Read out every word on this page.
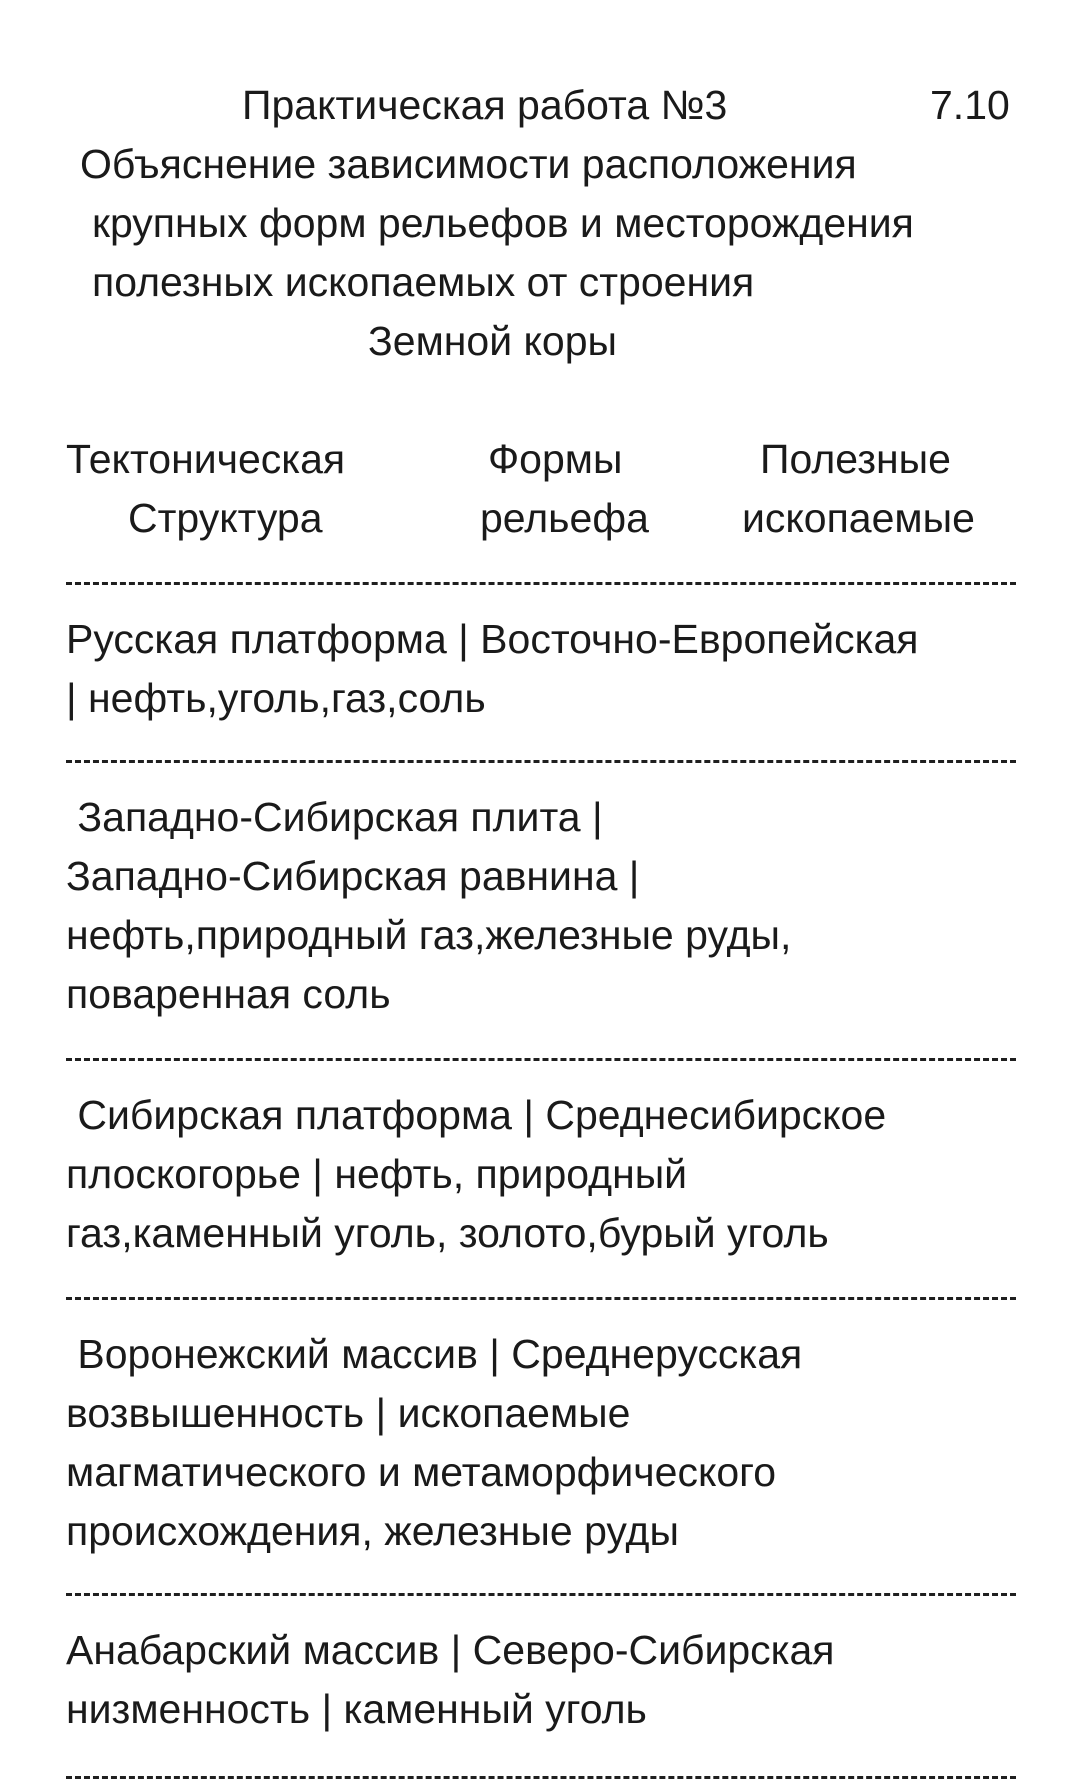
Практическая работа №3	7.10
Объяснение зависимости расположения
крупных форм рельефов и месторождения
полезных ископаемых от строения
Земной коры
Тектоническая
Структура
Формы
рельефа
Полезные
ископаемые
Русская платформа | Восточно-Европейская
| нефть,уголь,газ,соль
Западно-Сибирская плита |
Западно-Сибирская равнина |
нефть,природный газ,железные руды,
поваренная соль
Сибирская платформа | Среднесибирское
плоскогорье | нефть, природный
газ,каменный уголь, золото,бурый уголь
Воронежский массив | Среднерусская
возвышенность | ископаемые
магматического и метаморфического
происхождения, железные руды
Анабарский массив | Северо-Сибирская
низменность | каменный уголь
